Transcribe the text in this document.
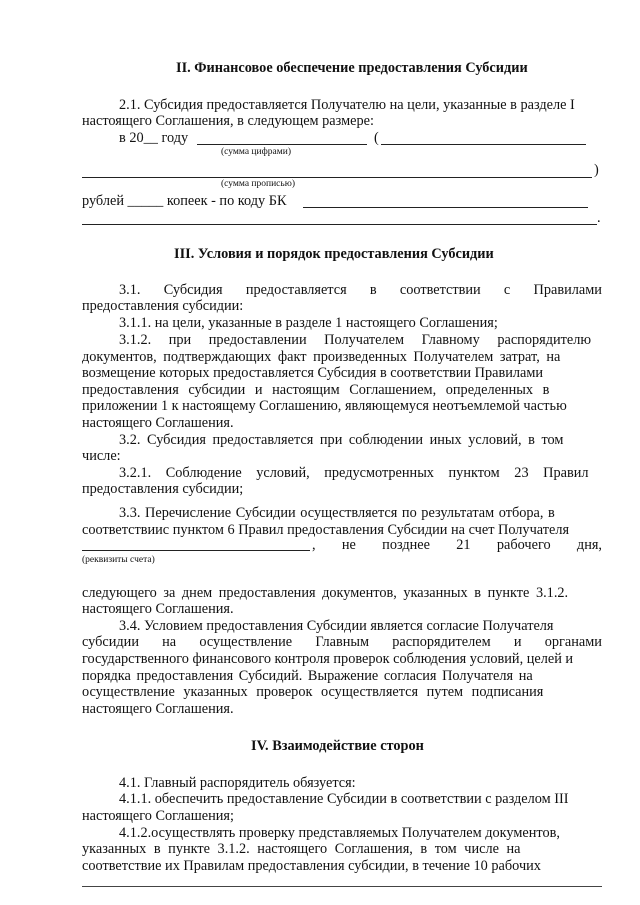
II. Финансовое обеспечение предоставления Субсидии
2.1. Субсидия предоставляется Получателю на цели, указанные в разделе I
настоящего Соглашения, в следующем размере:
в 20__ году	(
(сумма цифрами)
)
(сумма прописью)
рублей _____ копеек - по коду БК
.
III. Условия и порядок предоставления Субсидии
3.1. Субсидия предоставляется в соответствии с Правилами
предоставления субсидии:
3.1.1. на цели, указанные в разделе 1 настоящего Соглашения;
3.1.2. при предоставлении Получателем Главному распорядителю
документов, подтверждающих факт произведенных Получателем затрат, на
возмещение которых предоставляется Субсидия в соответствии Правилами
предоставления субсидии и настоящим Соглашением, определенных в
приложении 1 к настоящему Соглашению, являющемуся неотъемлемой частью
настоящего Соглашения.
3.2. Субсидия предоставляется при соблюдении иных условий, в том
числе:
3.2.1. Соблюдение условий, предусмотренных пунктом 23 Правил
предоставления субсидии;
3.3. Перечисление Субсидии осуществляется по результатам отбора, в
соответствиис пунктом 6 Правил предоставления Субсидии на счет Получателя
, не позднее 21 рабочего дня,
(реквизиты счета)
следующего за днем предоставления документов, указанных в пункте 3.1.2.
настоящего Соглашения.
3.4. Условием предоставления Субсидии является согласие Получателя
субсидии на осуществление Главным распорядителем и органами
государственного финансового контроля проверок соблюдения условий, целей и
порядка предоставления Субсидий. Выражение согласия Получателя на
осуществление указанных проверок осуществляется путем подписания
настоящего Соглашения.
IV. Взаимодействие сторон
4.1. Главный распорядитель обязуется:
4.1.1. обеспечить предоставление Субсидии в соответствии с разделом III
настоящего Соглашения;
4.1.2.осуществлять проверку представляемых Получателем документов,
указанных в пункте 3.1.2. настоящего Соглашения, в том числе на
соответствие их Правилам предоставления субсидии, в течение 10 рабочих
